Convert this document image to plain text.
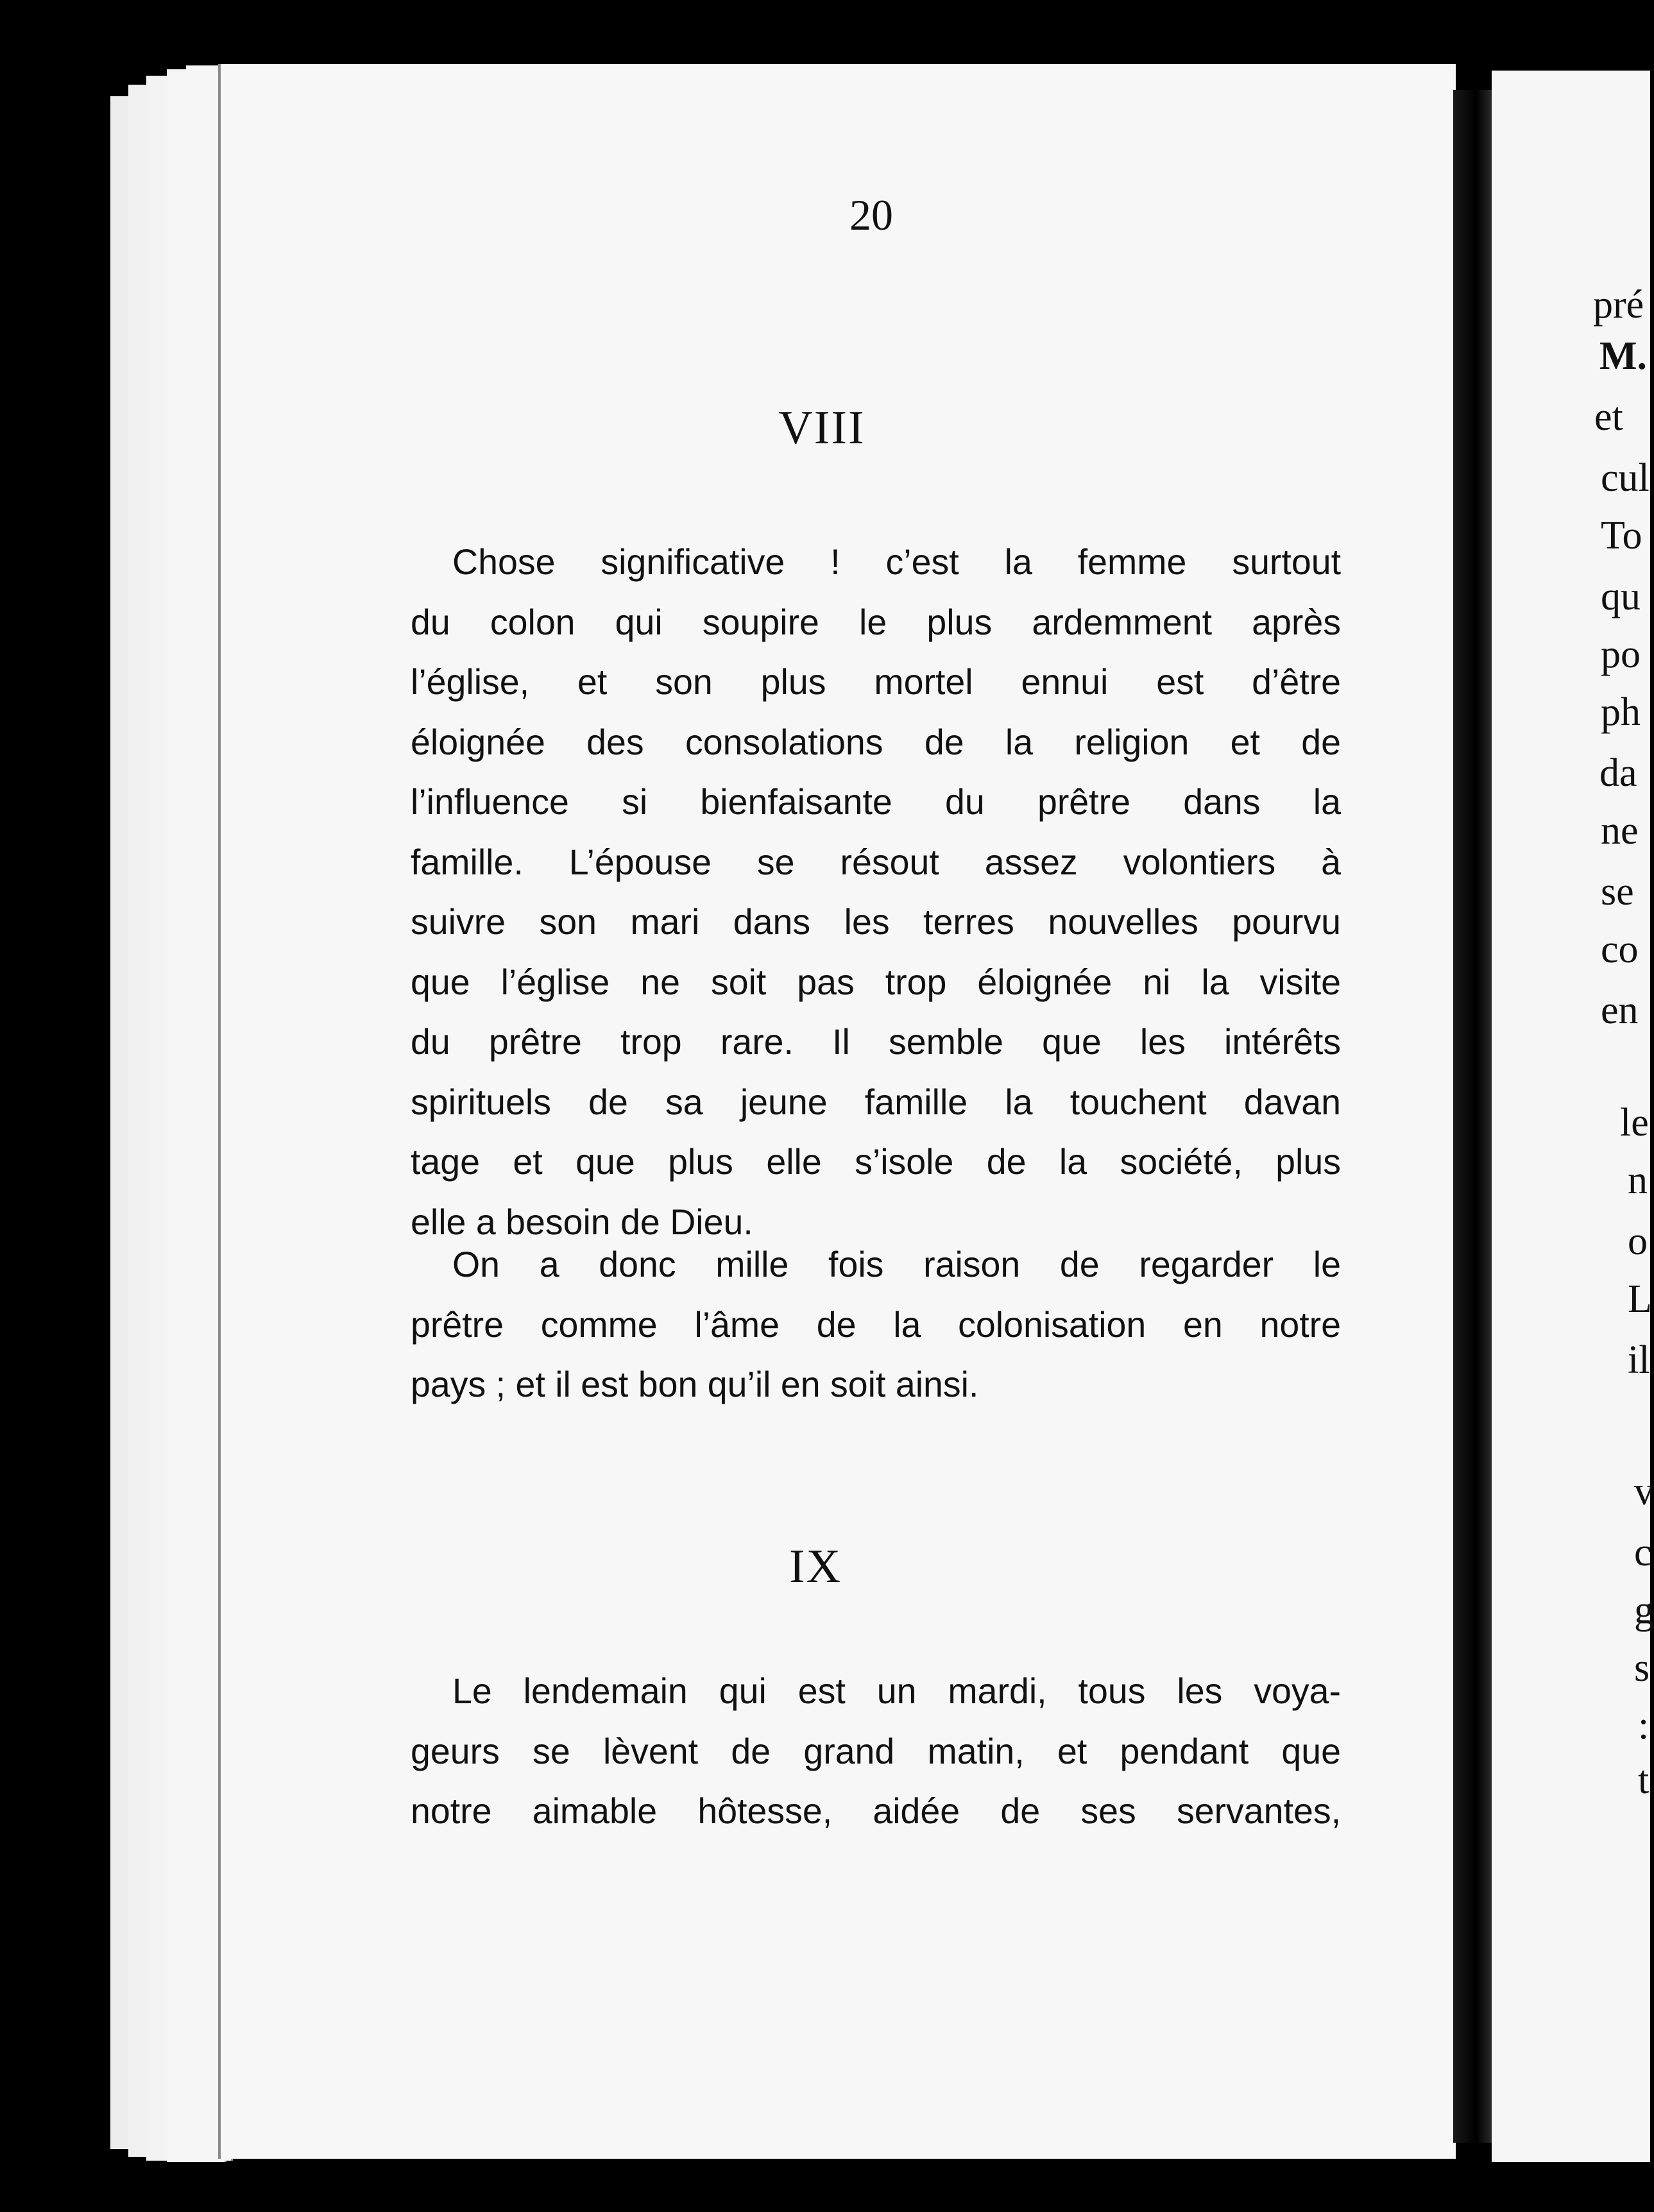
pré
M.
et
cul
To
qu
po
ph
da
ne
se
co
en
le
n
o
L
il
v
c
g
s
:
t
20
VIII
Chose significative ! c’est la femme surtout
du colon qui soupire le plus ardemment après
l’église, et son plus mortel ennui est d’être
éloignée des consolations de la religion et de
l’influence si bienfaisante du prêtre dans la
famille. L’épouse se résout assez volontiers à
suivre son mari dans les terres nouvelles pourvu
que l’église ne soit pas trop éloignée ni la visite
du prêtre trop rare. Il semble que les intérêts
spirituels de sa jeune famille la touchent davan
tage et que plus elle s’isole de la société, plus
elle a besoin de Dieu.
On a donc mille fois raison de regarder le
prêtre comme l’âme de la colonisation en notre
pays ; et il est bon qu’il en soit ainsi.
IX
Le lendemain qui est un mardi, tous les voya-
geurs se lèvent de grand matin, et pendant que
notre aimable hôtesse, aidée de ses servantes,
